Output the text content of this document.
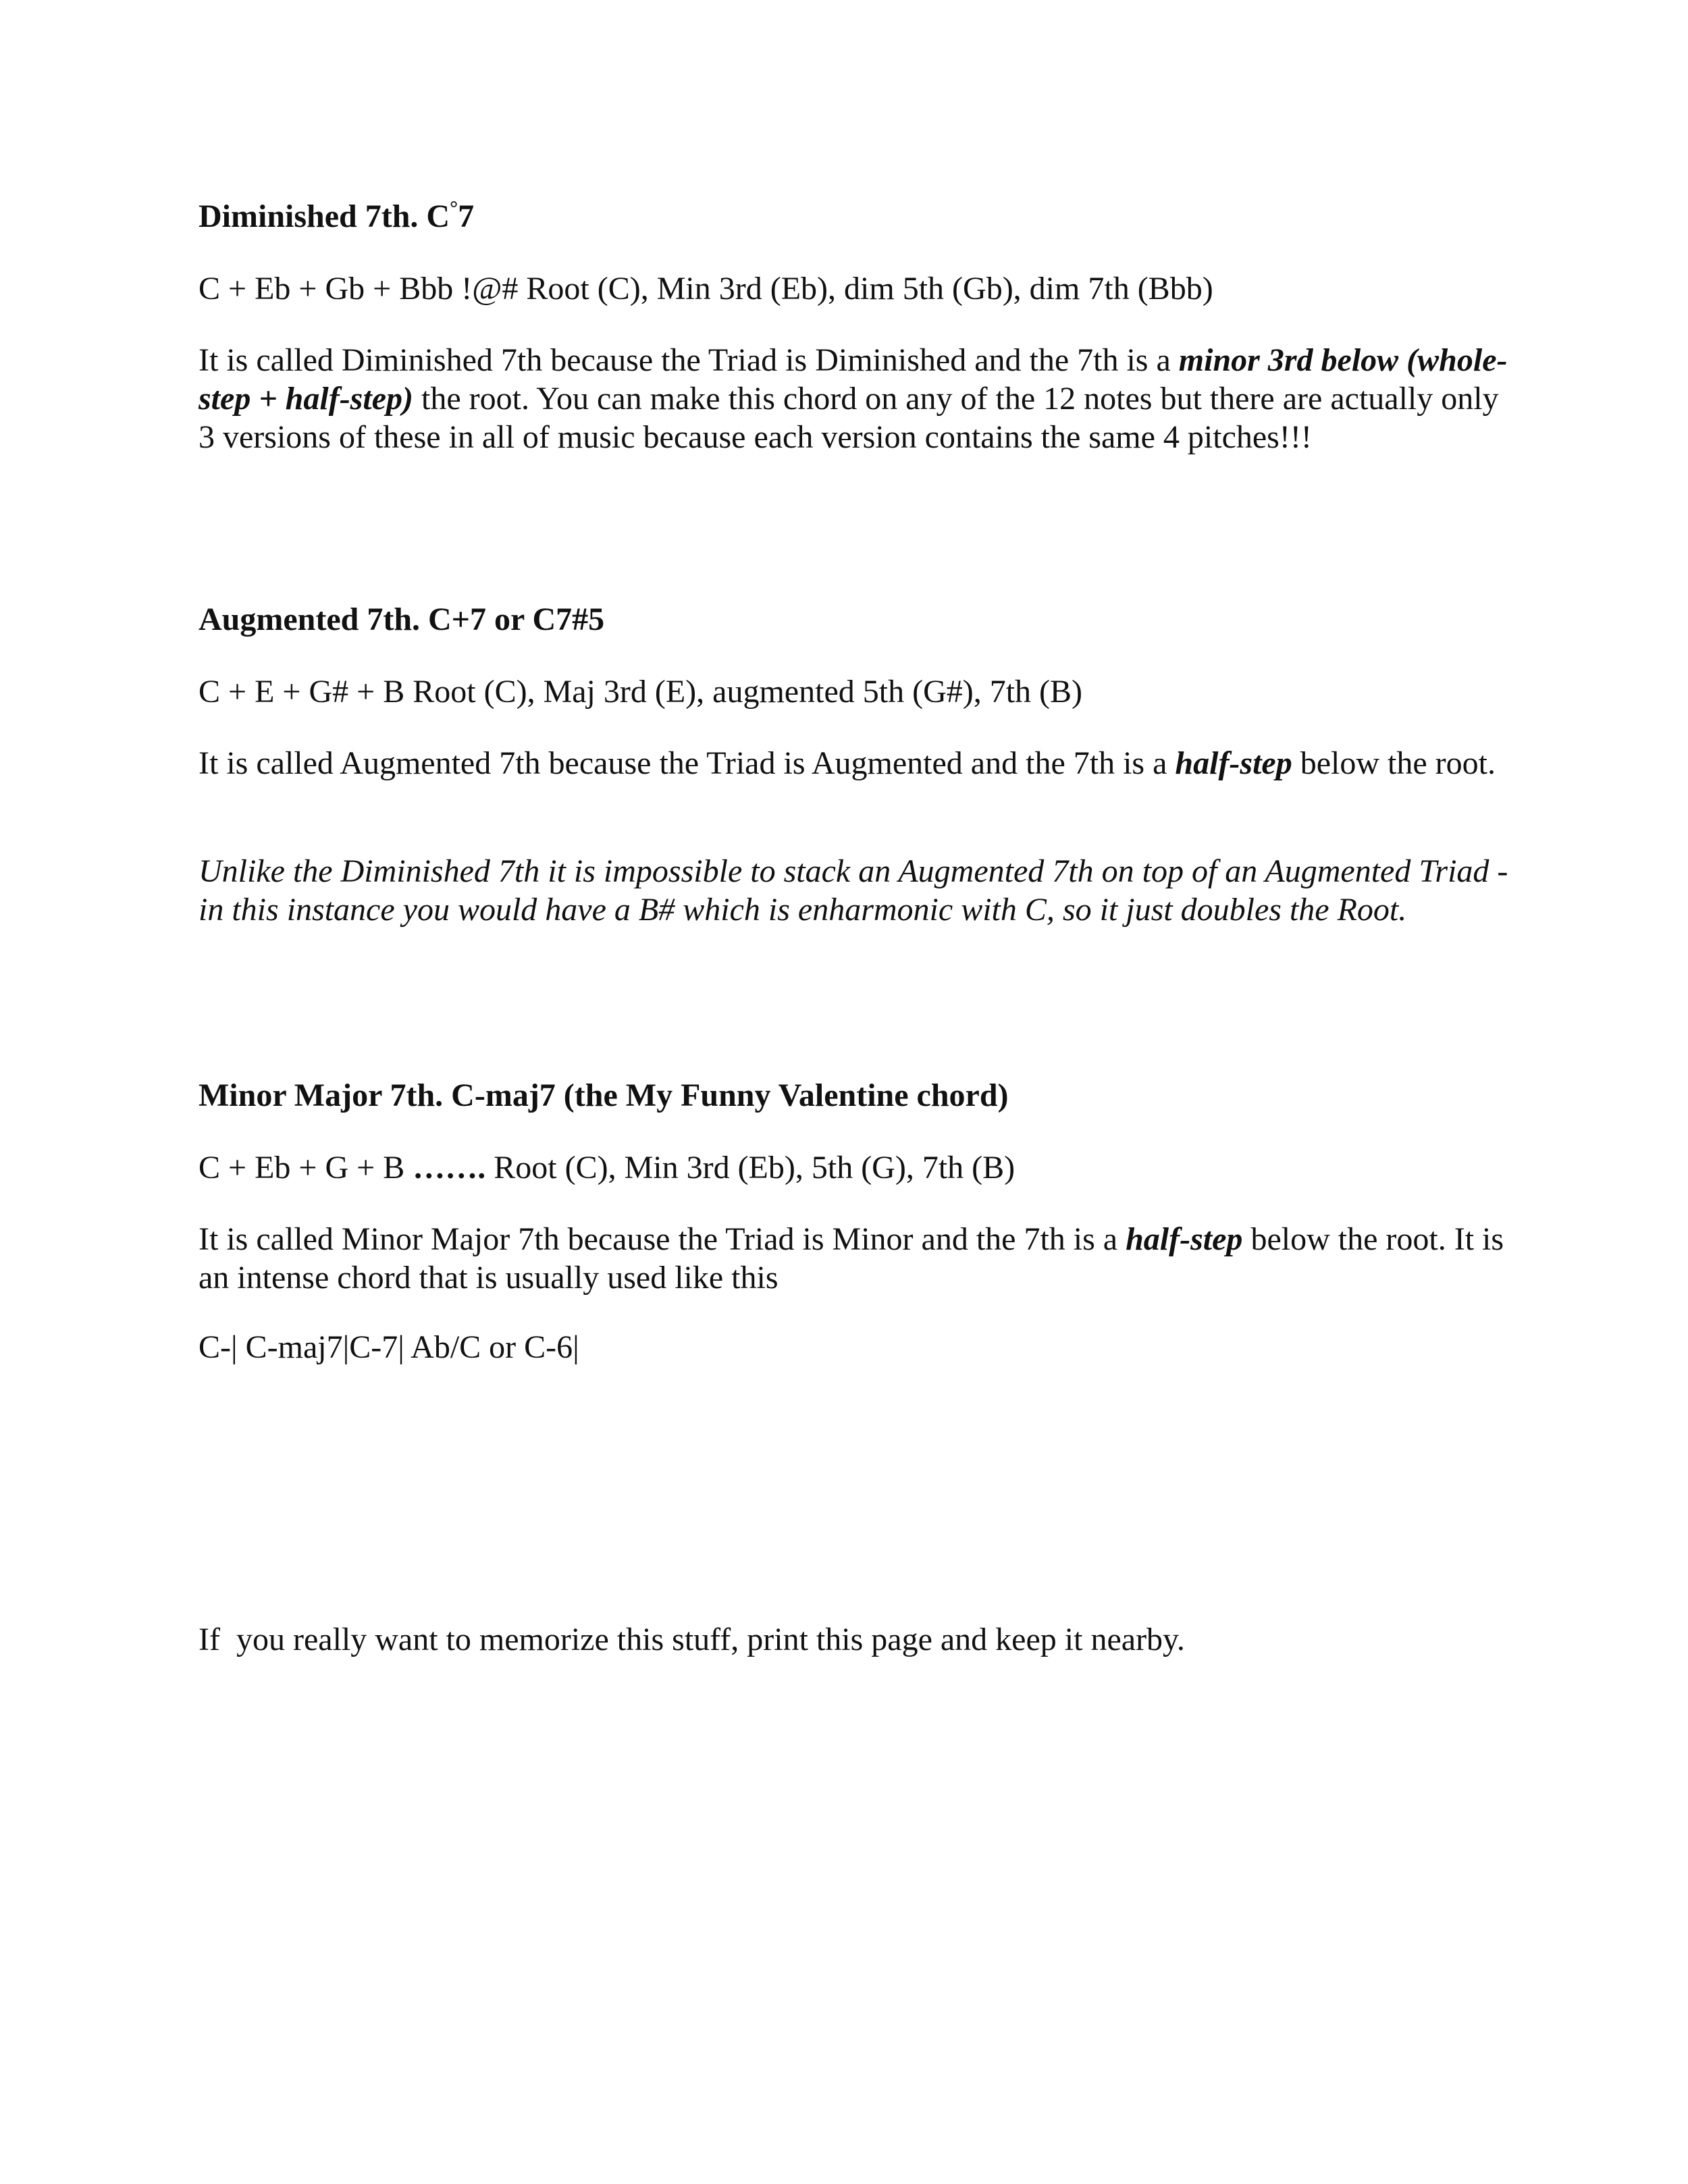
Diminished 7th. C°7

C + Eb + Gb + Bbb !@# Root (C), Min 3rd (Eb), dim 5th (Gb), dim 7th (Bbb)

It is called Diminished 7th because the Triad is Diminished and the 7th is a minor 3rd below (whole-step + half-step) the root. You can make this chord on any of the 12 notes but there are actually only 3 versions of these in all of music because each version contains the same 4 pitches!!!

Augmented 7th. C+7 or C7#5

C + E + G# + B Root (C), Maj 3rd (E), augmented 5th (G#), 7th (B)

It is called Augmented 7th because the Triad is Augmented and the 7th is a half-step below the root.

Unlike the Diminished 7th it is impossible to stack an Augmented 7th on top of an Augmented Triad - in this instance you would have a B# which is enharmonic with C, so it just doubles the Root.

Minor Major 7th. C-maj7 (the My Funny Valentine chord)

C + Eb + G + B ……. Root (C), Min 3rd (Eb), 5th (G), 7th (B)

It is called Minor Major 7th because the Triad is Minor and the 7th is a half-step below the root. It is an intense chord that is usually used like this

C-| C-maj7|C-7| Ab/C or C-6|

If  you really want to memorize this stuff, print this page and keep it nearby.
